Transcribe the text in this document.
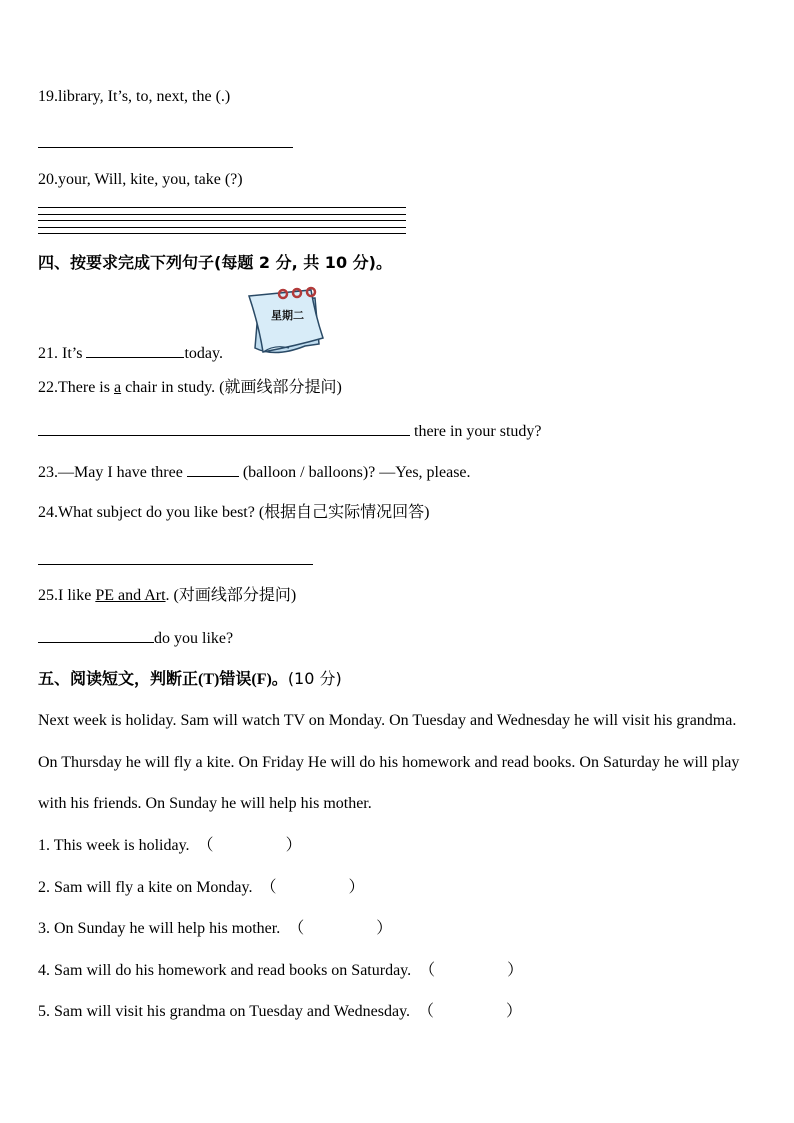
19.library, It’s, to, next, the (.)
20.your, Will, kite, you, take (?)
四、按要求完成下列句子(每题 2 分, 共 10 分)。
星期二
21. It’s	today.
22.There is a chair in study. (就画线部分提问)
there in your study?
23.—May I have three	(balloon / balloons)? —Yes, please.
24.What subject do you like best? (根据自己实际情况回答)
25.I like PE and Art. (对画线部分提问)
do you like?
五、阅读短文，判断正(T)错误(F)。(10 分)
Next week is holiday. Sam will watch TV on Monday. On Tuesday and Wednesday he will visit his grandma. On Thursday he will fly a kite. On Friday He will do his homework and read books. On Saturday he will play with his friends. On Sunday he will help his mother.
1. This week is holiday. （	）
2. Sam will fly a kite on Monday. （	）
3. On Sunday he will help his mother. （	）
4. Sam will do his homework and read books on Saturday. （	）
5. Sam will visit his grandma on Tuesday and Wednesday. （	）
